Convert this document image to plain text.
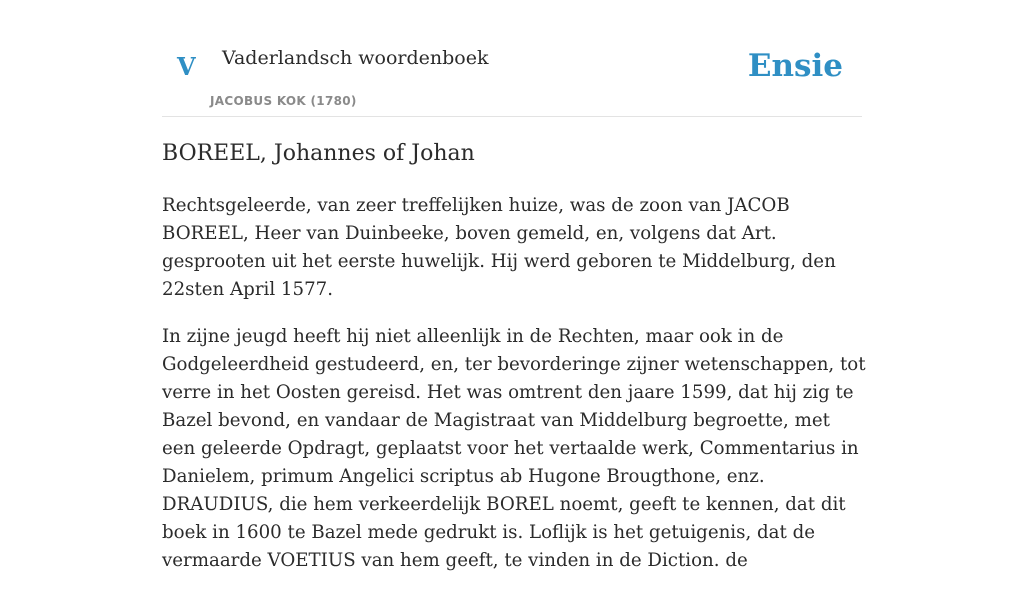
V Vaderlandsch woordenboek
JACOBUS KOK (1780)
Ensie
BOREEL, Johannes of Johan

Rechtsgeleerde, van zeer treffelijken huize, was de zoon van JACOB BOREEL, Heer van Duinbeeke, boven gemeld, en, volgens dat Art. gesprooten uit het eerste huwelijk. Hij werd geboren te Middelburg, den 22sten April 1577.

In zijne jeugd heeft hij niet alleenlijk in de Rechten, maar ook in de Godgeleerdheid gestudeerd, en, ter bevorderinge zijner wetenschappen, tot verre in het Oosten gereisd. Het was omtrent den jaare 1599, dat hij zig te Bazel bevond, en vandaar de Magistraat van Middelburg begroette, met een geleerde Opdragt, geplaatst voor het vertaalde werk, Commentarius in Danielem, primum Angelici scriptus ab Hugone Brougthone, enz. DRAUDIUS, die hem verkeerdelijk BOREL noemt, geeft te kennen, dat dit boek in 1600 te Bazel mede gedrukt is. Loflijk is het getuigenis, dat de vermaarde VOETIUS van hem geeft, te vinden in de Diction. de
